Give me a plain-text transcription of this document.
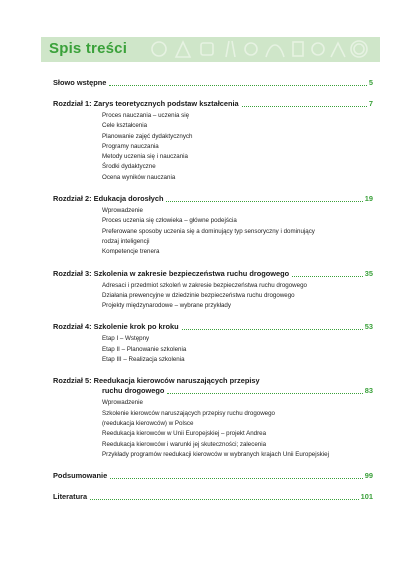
Spis treści
Słowo wstępne	5
Rozdział 1: Zarys teoretycznych podstaw kształcenia	7
Proces nauczania – uczenia się
Cele kształcenia
Planowanie zajęć dydaktycznych
Programy nauczania
Metody uczenia się i nauczania
Środki dydaktyczne
Ocena wyników nauczania
Rozdział 2: Edukacja dorosłych	19
Wprowadzenie
Proces uczenia się człowieka – główne podejścia
Preferowane sposoby uczenia się a dominujący typ sensoryczny i dominujący
rodzaj inteligencji
Kompetencje trenera
Rozdział 3: Szkolenia w zakresie bezpieczeństwa ruchu drogowego	35
Adresaci i przedmiot szkoleń w zakresie bezpieczeństwa ruchu drogowego
Działania prewencyjne w dziedzinie bezpieczeństwa ruchu drogowego
Projekty międzynarodowe – wybrane przykłady
Rozdział 4: Szkolenie krok po kroku	53
Etap I – Wstępny
Etap II – Planowanie szkolenia
Etap III – Realizacja szkolenia
Rozdział 5: Reedukacja kierowców naruszających przepisy
ruchu drogowego	83
Wprowadzenie
Szkolenie kierowców naruszających przepisy ruchu drogowego
(reedukacja kierowców) w Polsce
Reedukacja kierowców w Unii Europejskiej – projekt Andrea
Reedukacja kierowców i warunki jej skuteczności; zalecenia
Przykłady programów reedukacji kierowców w wybranych krajach Unii Europejskiej
Podsumowanie	99
Literatura	101
